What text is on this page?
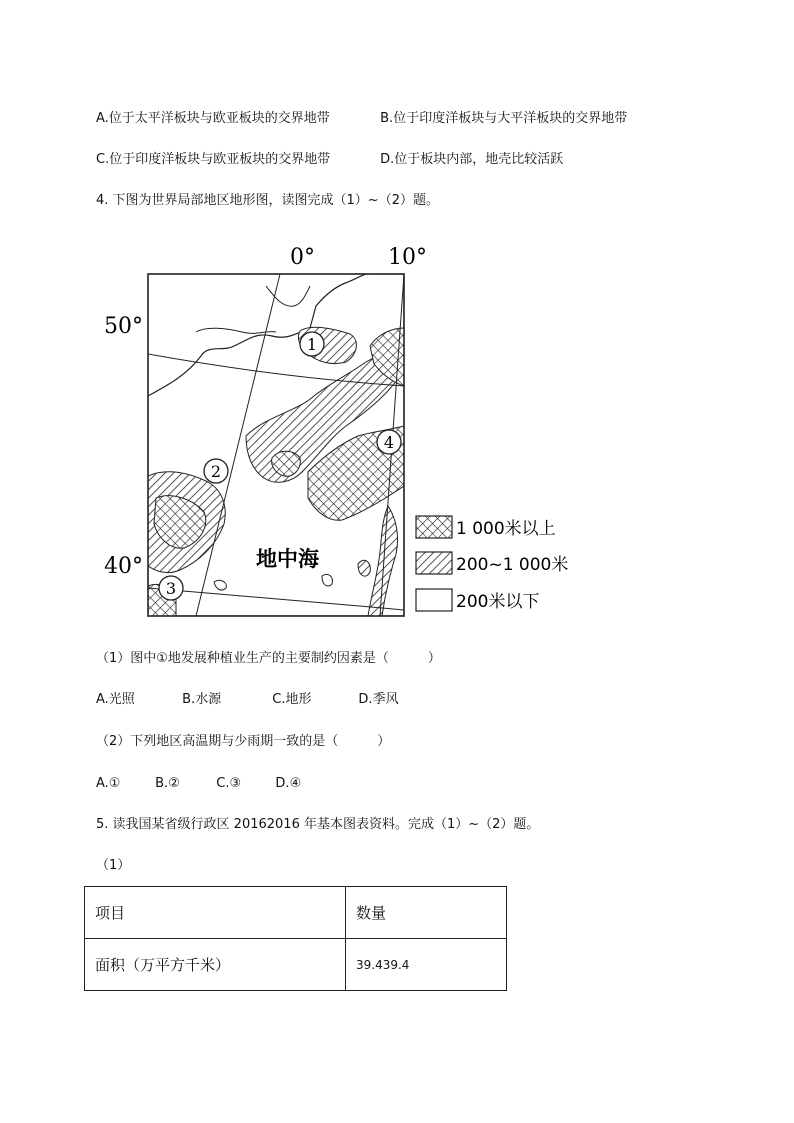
A.位于太平洋板块与欧亚板块的交界地带	B.位于印度洋板块与大平洋板块的交界地带
C.位于印度洋板块与欧亚板块的交界地带	D.位于板块内部，地壳比较活跃
4. 下图为世界局部地区地形图，读图完成（1）~（2）题。
0°	10°
50°
40°	地中海
1
2
3
4
1 000米以上
200~1 000米
200米以下
（1）图中①地发展种植业生产的主要制约因素是（　　　）
A.光照	B.水源	C.地形	D.季风
（2）下列地区高温期与少雨期一致的是（　　　）
A.①	B.②	C.③	D.④
5. 读我国某省级行政区 20162016 年基本图表资料。完成（1）~（2）题。
（1）
项目	数量
面积（万平方千米）	39.439.4
